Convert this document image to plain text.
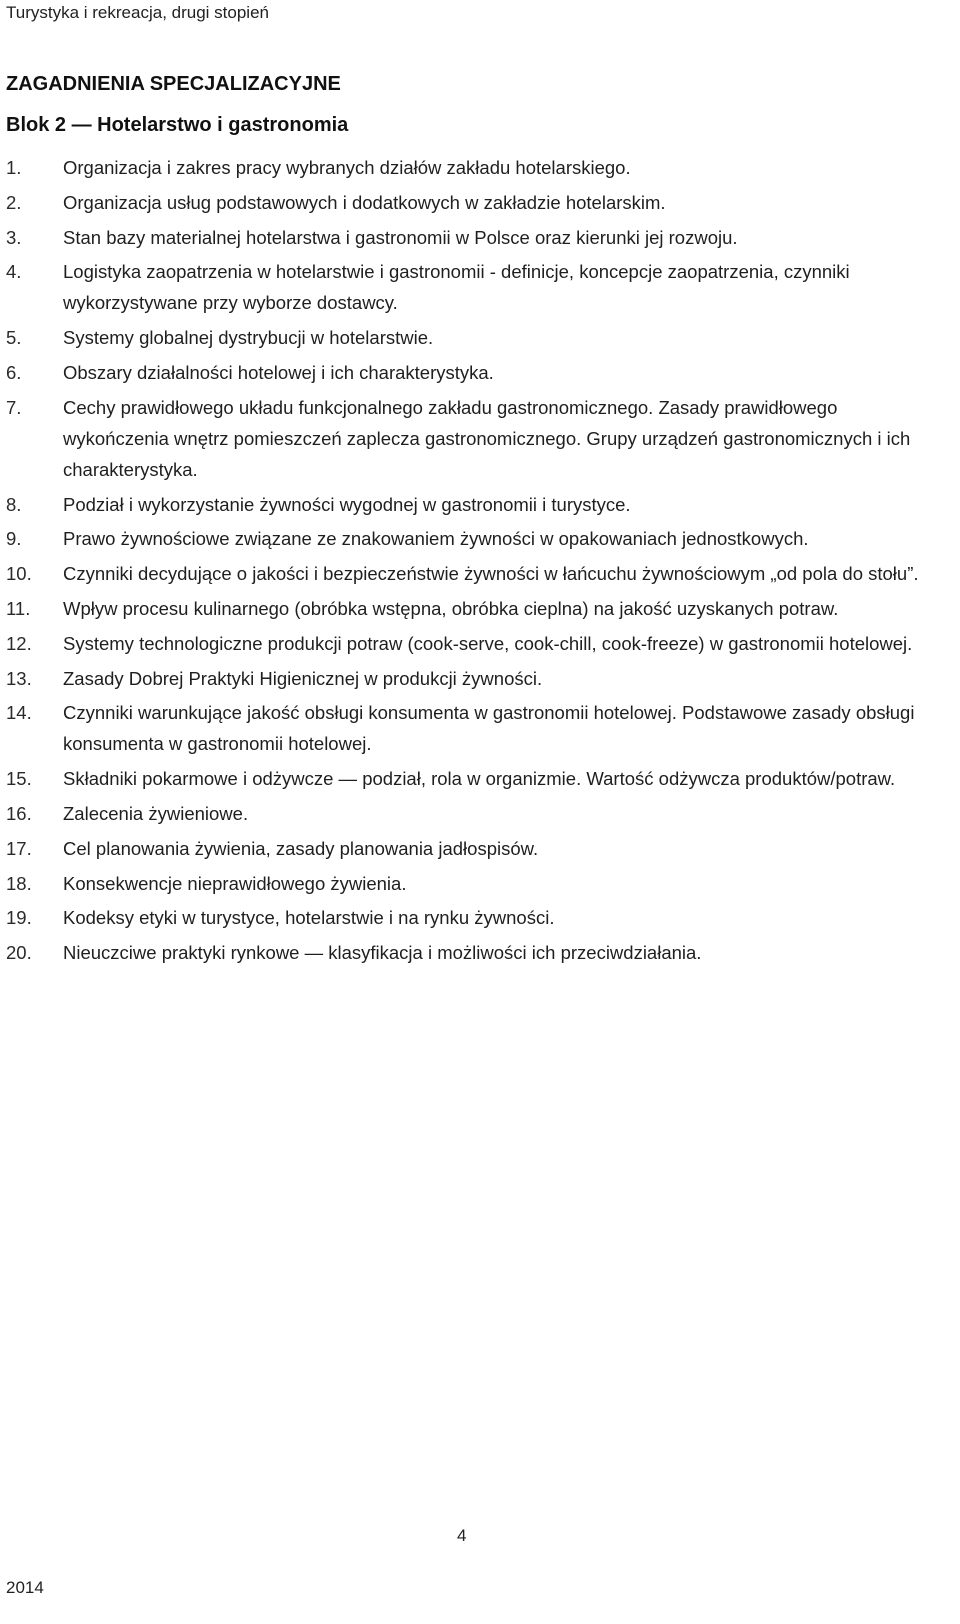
Turystyka i rekreacja, drugi stopień
ZAGADNIENIA SPECJALIZACYJNE
Blok 2 — Hotelarstwo i gastronomia
1.	Organizacja i zakres pracy wybranych działów zakładu hotelarskiego.
2.	Organizacja usług podstawowych i dodatkowych w zakładzie hotelarskim.
3.	Stan bazy materialnej hotelarstwa i gastronomii w Polsce oraz kierunki jej rozwoju.
4.	Logistyka zaopatrzenia w hotelarstwie i gastronomii - definicje, koncepcje zaopatrzenia, czynniki wykorzystywane przy wyborze dostawcy.
5.	Systemy globalnej dystrybucji w hotelarstwie.
6.	Obszary działalności hotelowej i ich charakterystyka.
7.	Cechy prawidłowego układu funkcjonalnego zakładu gastronomicznego. Zasady prawidłowego wykończenia wnętrz pomieszczeń zaplecza gastronomicznego. Grupy urządzeń gastronomicznych i ich charakterystyka.
8.	Podział i wykorzystanie żywności wygodnej w gastronomii i turystyce.
9.	Prawo żywnościowe związane ze znakowaniem żywności w opakowaniach jednostkowych.
10.	Czynniki decydujące o jakości i bezpieczeństwie żywności w łańcuchu żywnościowym „od pola do stołu”.
11.	Wpływ procesu kulinarnego (obróbka wstępna, obróbka cieplna) na jakość uzyskanych potraw.
12.	Systemy technologiczne produkcji potraw (cook-serve, cook-chill, cook-freeze) w gastronomii hotelowej.
13.	Zasady Dobrej Praktyki Higienicznej w produkcji żywności.
14.	Czynniki warunkujące jakość obsługi konsumenta w gastronomii hotelowej. Podstawowe zasady obsługi konsumenta w gastronomii hotelowej.
15.	Składniki pokarmowe i odżywcze — podział, rola w organizmie. Wartość odżywcza produktów/potraw.
16.	Zalecenia żywieniowe.
17.	Cel planowania żywienia, zasady planowania jadłospisów.
18.	Konsekwencje nieprawidłowego żywienia.
19.	Kodeksy etyki w turystyce, hotelarstwie i na rynku żywności.
20.	Nieuczciwe praktyki rynkowe — klasyfikacja i możliwości ich przeciwdziałania.
4
2014
